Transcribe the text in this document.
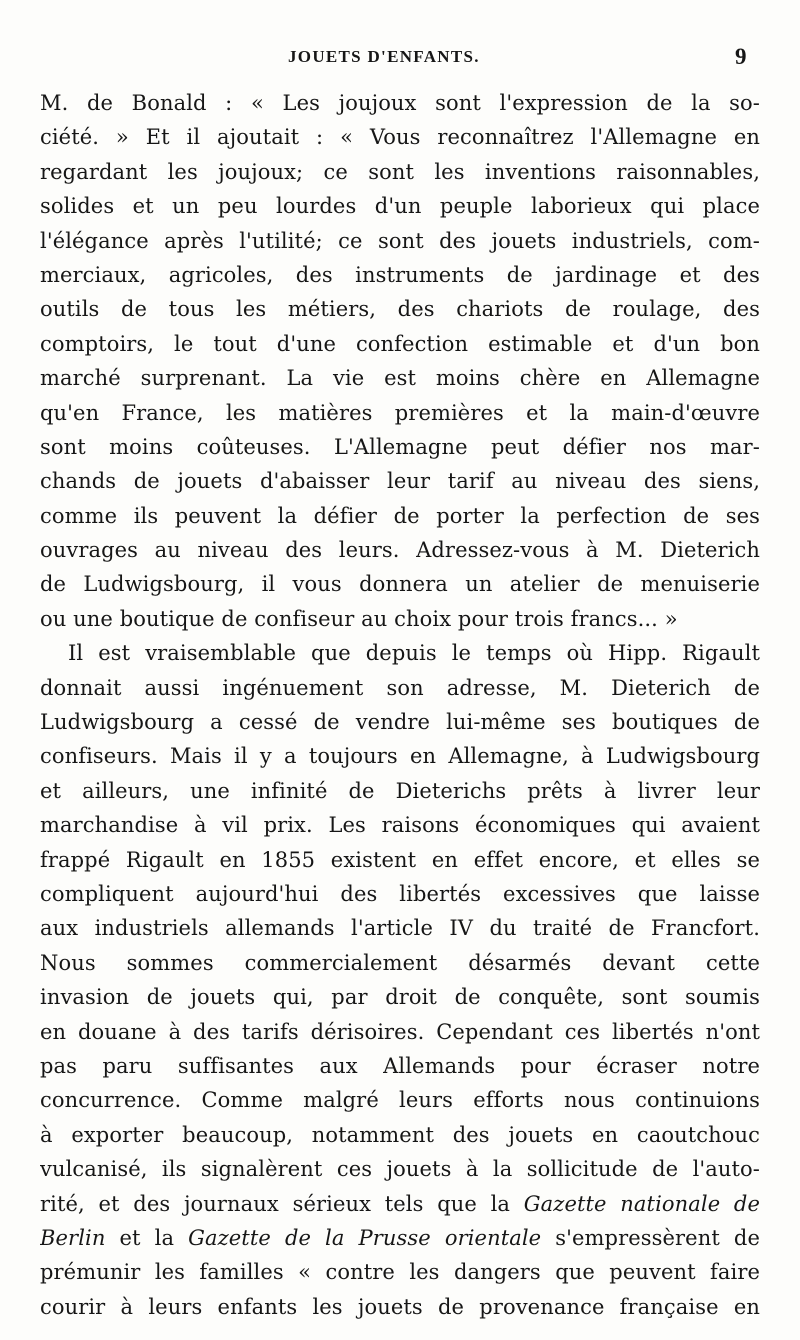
JOUETS D'ENFANTS.	9
M. de Bonald : « Les joujoux sont l'expression de la so-
ciété. » Et il ajoutait : « Vous reconnaîtrez l'Allemagne en
regardant les joujoux; ce sont les inventions raisonnables,
solides et un peu lourdes d'un peuple laborieux qui place
l'élégance après l'utilité; ce sont des jouets industriels, com-
merciaux, agricoles, des instruments de jardinage et des
outils de tous les métiers, des chariots de roulage, des
comptoirs, le tout d'une confection estimable et d'un bon
marché surprenant. La vie est moins chère en Allemagne
qu'en France, les matières premières et la main-d'œuvre
sont moins coûteuses. L'Allemagne peut défier nos mar-
chands de jouets d'abaisser leur tarif au niveau des siens,
comme ils peuvent la défier de porter la perfection de ses
ouvrages au niveau des leurs. Adressez-vous à M. Dieterich
de Ludwigsbourg, il vous donnera un atelier de menuiserie
ou une boutique de confiseur au choix pour trois francs... »
Il est vraisemblable que depuis le temps où Hipp. Rigault
donnait aussi ingénuement son adresse, M. Dieterich de
Ludwigsbourg a cessé de vendre lui-même ses boutiques de
confiseurs. Mais il y a toujours en Allemagne, à Ludwigsbourg
et ailleurs, une infinité de Dieterichs prêts à livrer leur
marchandise à vil prix. Les raisons économiques qui avaient
frappé Rigault en 1855 existent en effet encore, et elles se
compliquent aujourd'hui des libertés excessives que laisse
aux industriels allemands l'article IV du traité de Francfort.
Nous sommes commercialement désarmés devant cette
invasion de jouets qui, par droit de conquête, sont soumis
en douane à des tarifs dérisoires. Cependant ces libertés n'ont
pas paru suffisantes aux Allemands pour écraser notre
concurrence. Comme malgré leurs efforts nous continuions
à exporter beaucoup, notamment des jouets en caoutchouc
vulcanisé, ils signalèrent ces jouets à la sollicitude de l'auto-
rité, et des journaux sérieux tels que la Gazette nationale de
Berlin et la Gazette de la Prusse orientale s'empressèrent de
prémunir les familles « contre les dangers que peuvent faire
courir à leurs enfants les jouets de provenance française en
